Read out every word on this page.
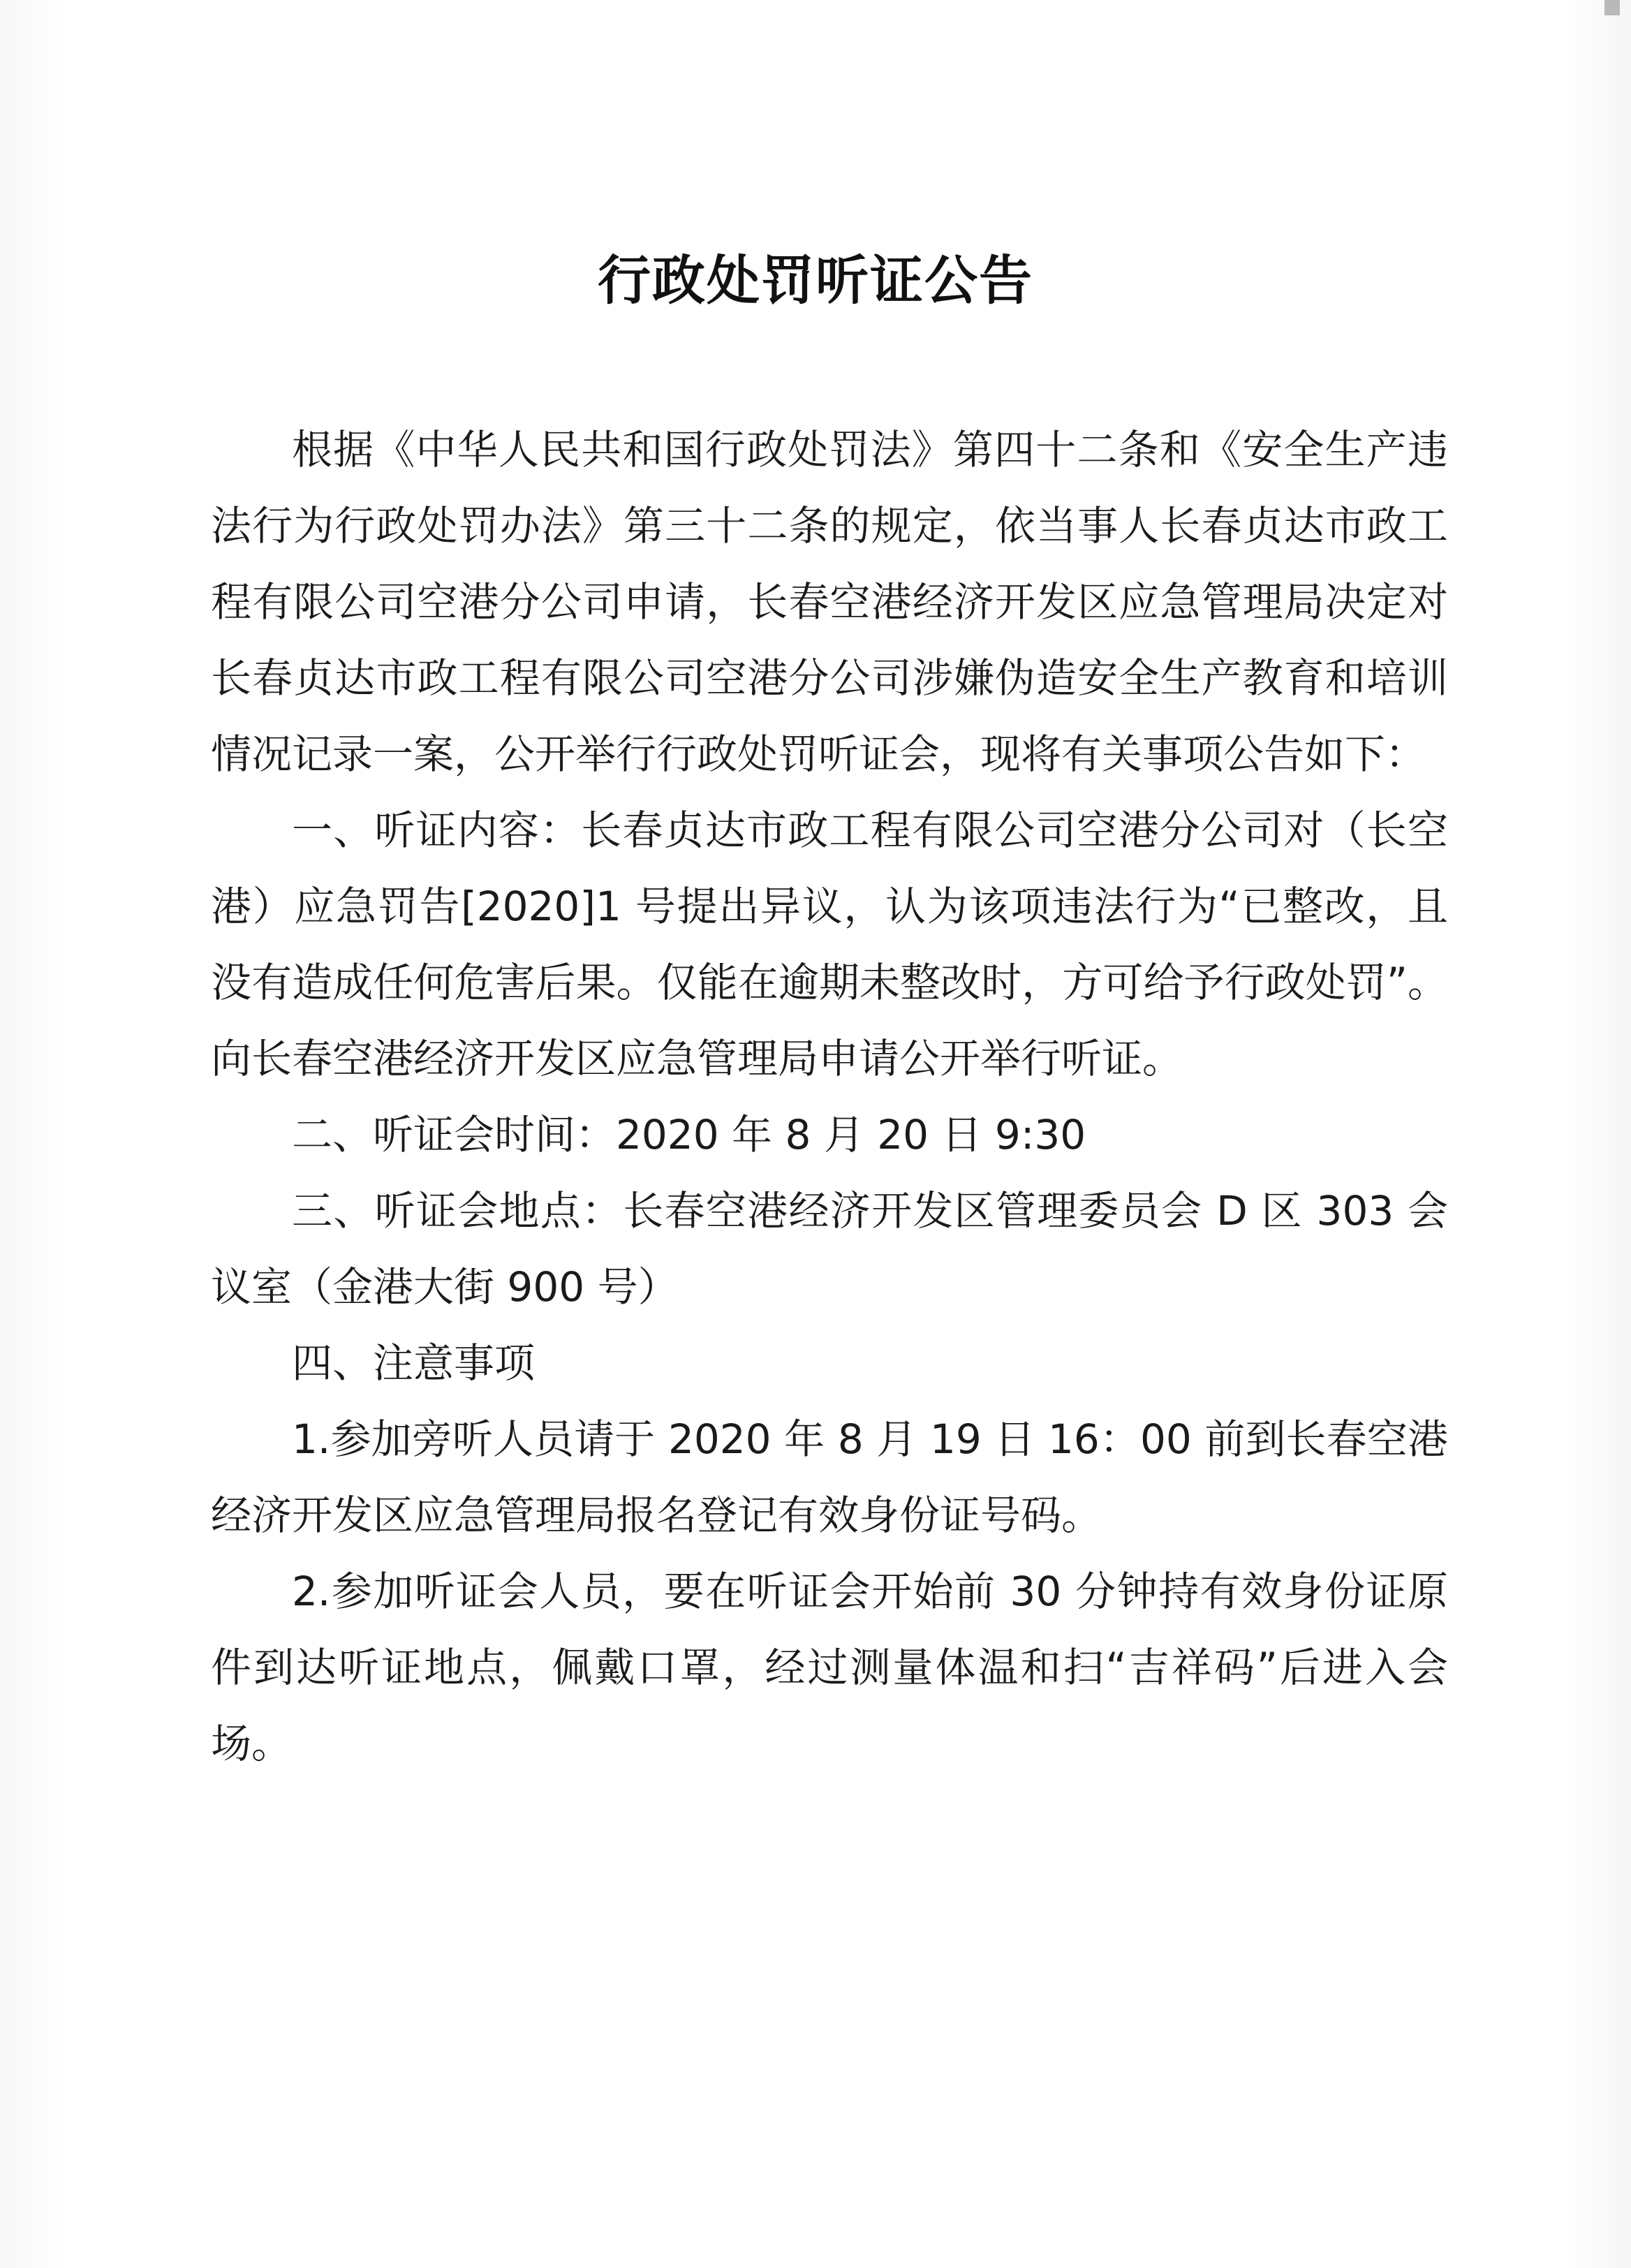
行政处罚听证公告

根据《中华人民共和国行政处罚法》第四十二条和《安全生产违法行为行政处罚办法》第三十二条的规定，依当事人长春贞达市政工程有限公司空港分公司申请，长春空港经济开发区应急管理局决定对长春贞达市政工程有限公司空港分公司涉嫌伪造安全生产教育和培训情况记录一案，公开举行行政处罚听证会，现将有关事项公告如下：

一、听证内容：长春贞达市政工程有限公司空港分公司对（长空港）应急罚告[2020]1 号提出异议，认为该项违法行为“已整改，且没有造成任何危害后果。仅能在逾期未整改时，方可给予行政处罚”。向长春空港经济开发区应急管理局申请公开举行听证。

二、听证会时间：2020 年 8 月 20 日 9:30

三、听证会地点：长春空港经济开发区管理委员会 D 区 303 会议室（金港大街 900 号）

四、注意事项

1.参加旁听人员请于 2020 年 8 月 19 日 16：00 前到长春空港经济开发区应急管理局报名登记有效身份证号码。

2.参加听证会人员，要在听证会开始前 30 分钟持有效身份证原件到达听证地点，佩戴口罩，经过测量体温和扫“吉祥码”后进入会场。
